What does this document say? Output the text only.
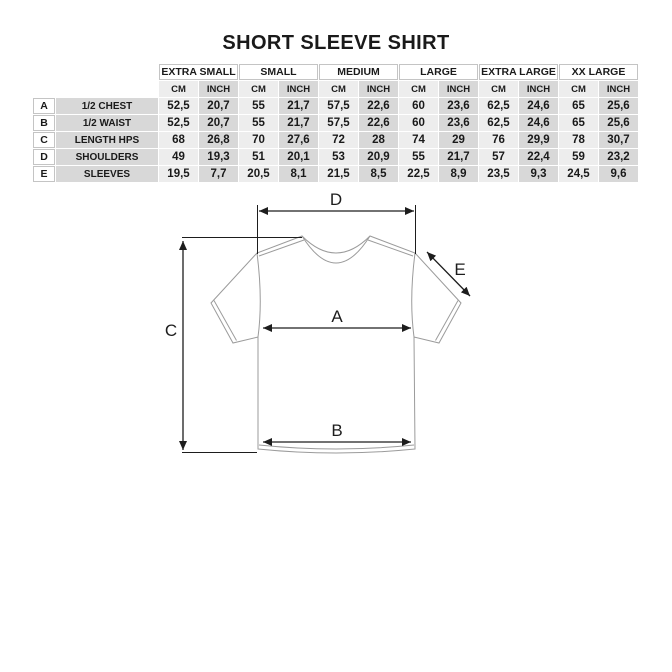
SHORT SLEEVE SHIRT
EXTRA SMALL	SMALL	MEDIUM	LARGE	EXTRA LARGE	XX LARGE
CM	INCH	CM	INCH	CM	INCH	CM	INCH	CM	INCH	CM	INCH
A	1/2 CHEST	52,5	20,7	55	21,7	57,5	22,6	60	23,6	62,5	24,6	65	25,6
B	1/2 WAIST	52,5	20,7	55	21,7	57,5	22,6	60	23,6	62,5	24,6	65	25,6
C	LENGTH HPS	68	26,8	70	27,6	72	28	74	29	76	29,9	78	30,7
D	SHOULDERS	49	19,3	51	20,1	53	20,9	55	21,7	57	22,4	59	23,2
E	SLEEVES	19,5	7,7	20,5	8,1	21,5	8,5	22,5	8,9	23,5	9,3	24,5	9,6
D
C
A
B
E
